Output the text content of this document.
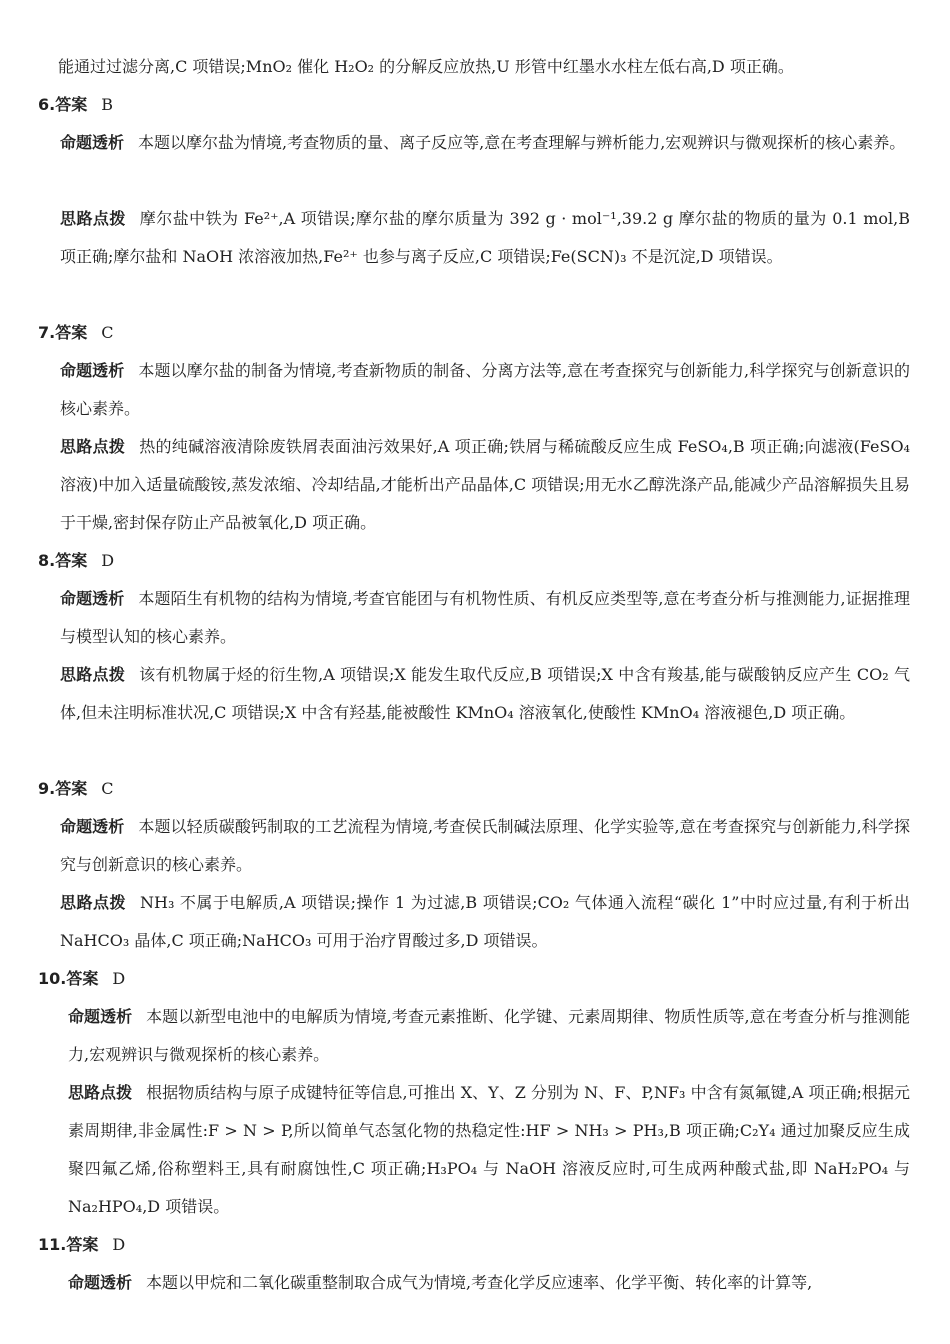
能通过过滤分离,C 项错误;MnO₂ 催化 H₂O₂ 的分解反应放热,U 形管中红墨水水柱左低右高,D 项正确。
6.答案 B
命题透析 本题以摩尔盐为情境,考查物质的量、离子反应等,意在考查理解与辨析能力,宏观辨识与微观探析的核心素养。
思路点拨 摩尔盐中铁为 Fe²⁺,A 项错误;摩尔盐的摩尔质量为 392 g · mol⁻¹,39.2 g 摩尔盐的物质的量为 0.1 mol,B 项正确;摩尔盐和 NaOH 浓溶液加热,Fe²⁺ 也参与离子反应,C 项错误;Fe(SCN)₃ 不是沉淀,D 项错误。
7.答案 C
命题透析 本题以摩尔盐的制备为情境,考查新物质的制备、分离方法等,意在考查探究与创新能力,科学探究与创新意识的核心素养。
思路点拨 热的纯碱溶液清除废铁屑表面油污效果好,A 项正确;铁屑与稀硫酸反应生成 FeSO₄,B 项正确;向滤液(FeSO₄ 溶液)中加入适量硫酸铵,蒸发浓缩、冷却结晶,才能析出产品晶体,C 项错误;用无水乙醇洗涤产品,能减少产品溶解损失且易于干燥,密封保存防止产品被氧化,D 项正确。
8.答案 D
命题透析 本题陌生有机物的结构为情境,考查官能团与有机物性质、有机反应类型等,意在考查分析与推测能力,证据推理与模型认知的核心素养。
思路点拨 该有机物属于烃的衍生物,A 项错误;X 能发生取代反应,B 项错误;X 中含有羧基,能与碳酸钠反应产生 CO₂ 气体,但未注明标准状况,C 项错误;X 中含有羟基,能被酸性 KMnO₄ 溶液氧化,使酸性 KMnO₄ 溶液褪色,D 项正确。
9.答案 C
命题透析 本题以轻质碳酸钙制取的工艺流程为情境,考查侯氏制碱法原理、化学实验等,意在考查探究与创新能力,科学探究与创新意识的核心素养。
思路点拨 NH₃ 不属于电解质,A 项错误;操作 1 为过滤,B 项错误;CO₂ 气体通入流程“碳化 1”中时应过量,有利于析出 NaHCO₃ 晶体,C 项正确;NaHCO₃ 可用于治疗胃酸过多,D 项错误。
10.答案 D
命题透析 本题以新型电池中的电解质为情境,考查元素推断、化学键、元素周期律、物质性质等,意在考查分析与推测能力,宏观辨识与微观探析的核心素养。
思路点拨 根据物质结构与原子成键特征等信息,可推出 X、Y、Z 分别为 N、F、P,NF₃ 中含有氮氟键,A 项正确;根据元素周期律,非金属性:F > N > P,所以简单气态氢化物的热稳定性:HF > NH₃ > PH₃,B 项正确;C₂Y₄ 通过加聚反应生成聚四氟乙烯,俗称塑料王,具有耐腐蚀性,C 项正确;H₃PO₄ 与 NaOH 溶液反应时,可生成两种酸式盐,即 NaH₂PO₄ 与 Na₂HPO₄,D 项错误。
11.答案 D
命题透析 本题以甲烷和二氧化碳重整制取合成气为情境,考查化学反应速率、化学平衡、转化率的计算等,
